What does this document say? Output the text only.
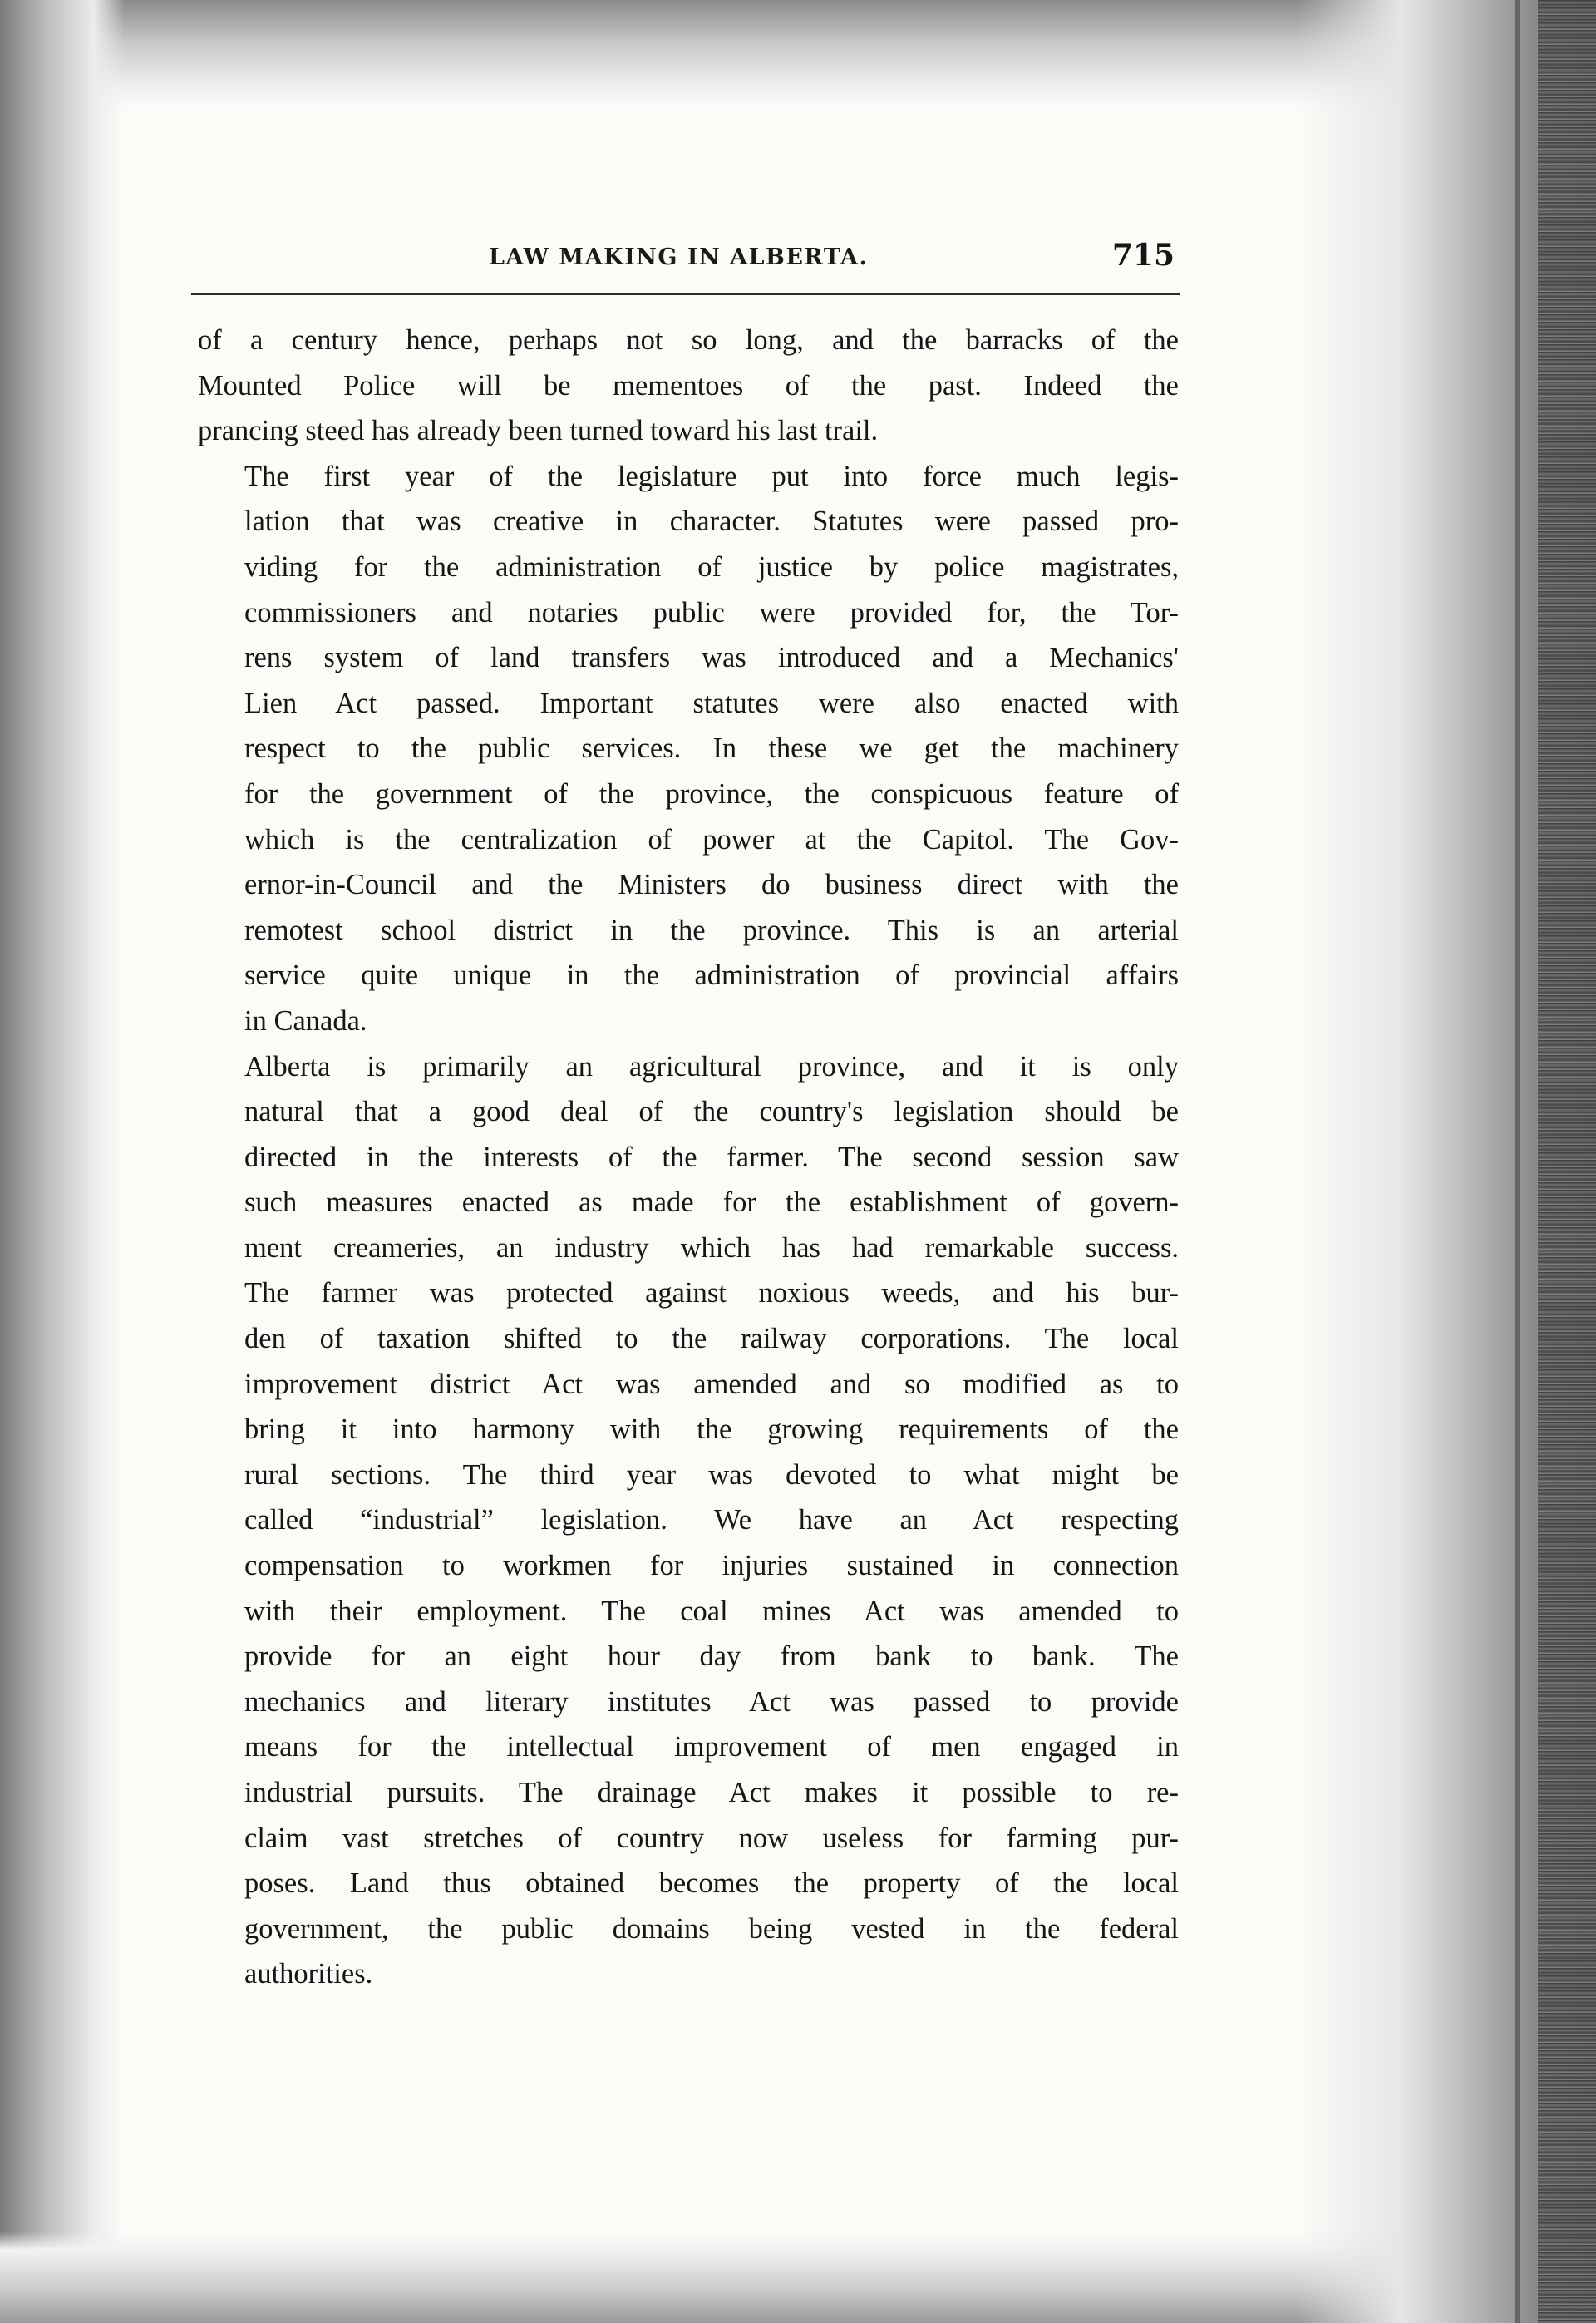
LAW MAKING IN ALBERTA.	715

of a century hence, perhaps not so long, and the barracks of the
Mounted Police will be mementoes of the past. Indeed the
prancing steed has already been turned toward his last trail.

The first year of the legislature put into force much legis-
lation that was creative in character. Statutes were passed pro-
viding for the administration of justice by police magistrates,
commissioners and notaries public were provided for, the Tor-
rens system of land transfers was introduced and a Mechanics'
Lien Act passed. Important statutes were also enacted with
respect to the public services. In these we get the machinery
for the government of the province, the conspicuous feature of
which is the centralization of power at the Capitol. The Gov-
ernor-in-Council and the Ministers do business direct with the
remotest school district in the province. This is an arterial
service quite unique in the administration of provincial affairs
in Canada.

Alberta is primarily an agricultural province, and it is only
natural that a good deal of the country's legislation should be
directed in the interests of the farmer. The second session saw
such measures enacted as made for the establishment of govern-
ment creameries, an industry which has had remarkable success.
The farmer was protected against noxious weeds, and his bur-
den of taxation shifted to the railway corporations. The local
improvement district Act was amended and so modified as to
bring it into harmony with the growing requirements of the
rural sections. The third year was devoted to what might be
called “industrial” legislation. We have an Act respecting
compensation to workmen for injuries sustained in connection
with their employment. The coal mines Act was amended to
provide for an eight hour day from bank to bank. The
mechanics and literary institutes Act was passed to provide
means for the intellectual improvement of men engaged in
industrial pursuits. The drainage Act makes it possible to re-
claim vast stretches of country now useless for farming pur-
poses. Land thus obtained becomes the property of the local
government, the public domains being vested in the federal
authorities.
